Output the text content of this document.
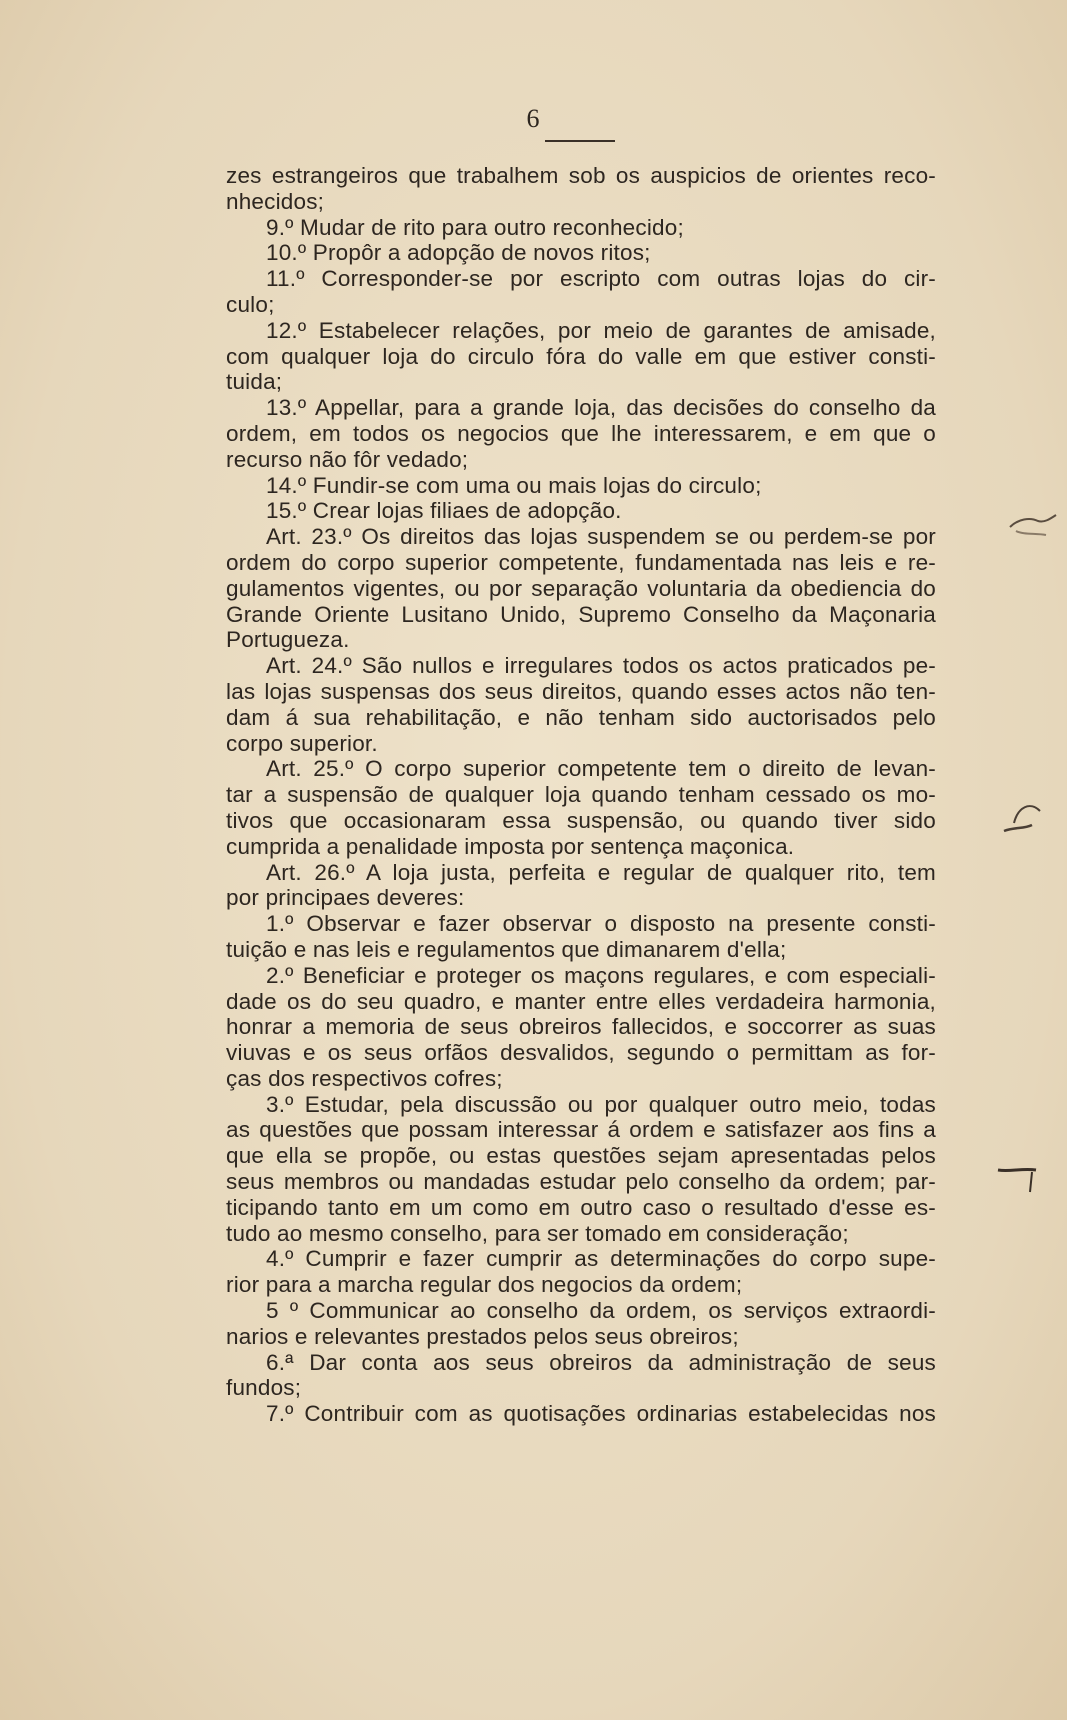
6
zes estrangeiros que trabalhem sob os auspicios de orientes reco-
nhecidos;
9.º Mudar de rito para outro reconhecido;
10.º Propôr a adopção de novos ritos;
11.º Corresponder-se por escripto com outras lojas do cir-
culo;
12.º Estabelecer relações, por meio de garantes de amisade,
com qualquer loja do circulo fóra do valle em que estiver consti-
tuida;
13.º Appellar, para a grande loja, das decisões do conselho da
ordem, em todos os negocios que lhe interessarem, e em que o
recurso não fôr vedado;
14.º Fundir-se com uma ou mais lojas do circulo;
15.º Crear lojas filiaes de adopção.
Art. 23.º Os direitos das lojas suspendem se ou perdem-se por
ordem do corpo superior competente, fundamentada nas leis e re-
gulamentos vigentes, ou por separação voluntaria da obediencia do
Grande Oriente Lusitano Unido, Supremo Conselho da Maçonaria
Portugueza.
Art. 24.º São nullos e irregulares todos os actos praticados pe-
las lojas suspensas dos seus direitos, quando esses actos não ten-
dam á sua rehabilitação, e não tenham sido auctorisados pelo
corpo superior.
Art. 25.º O corpo superior competente tem o direito de levan-
tar a suspensão de qualquer loja quando tenham cessado os mo-
tivos que occasionaram essa suspensão, ou quando tiver sido
cumprida a penalidade imposta por sentença maçonica.
Art. 26.º A loja justa, perfeita e regular de qualquer rito, tem
por principaes deveres:
1.º Observar e fazer observar o disposto na presente consti-
tuição e nas leis e regulamentos que dimanarem d'ella;
2.º Beneficiar e proteger os maçons regulares, e com especiali-
dade os do seu quadro, e manter entre elles verdadeira harmonia,
honrar a memoria de seus obreiros fallecidos, e soccorrer as suas
viuvas e os seus orfãos desvalidos, segundo o permittam as for-
ças dos respectivos cofres;
3.º Estudar, pela discussão ou por qualquer outro meio, todas
as questões que possam interessar á ordem e satisfazer aos fins a
que ella se propõe, ou estas questões sejam apresentadas pelos
seus membros ou mandadas estudar pelo conselho da ordem; par-
ticipando tanto em um como em outro caso o resultado d'esse es-
tudo ao mesmo conselho, para ser tomado em consideração;
4.º Cumprir e fazer cumprir as determinações do corpo supe-
rior para a marcha regular dos negocios da ordem;
5 º Communicar ao conselho da ordem, os serviços extraordi-
narios e relevantes prestados pelos seus obreiros;
6.ª Dar conta aos seus obreiros da administração de seus
fundos;
7.º Contribuir com as quotisações ordinarias estabelecidas nos
